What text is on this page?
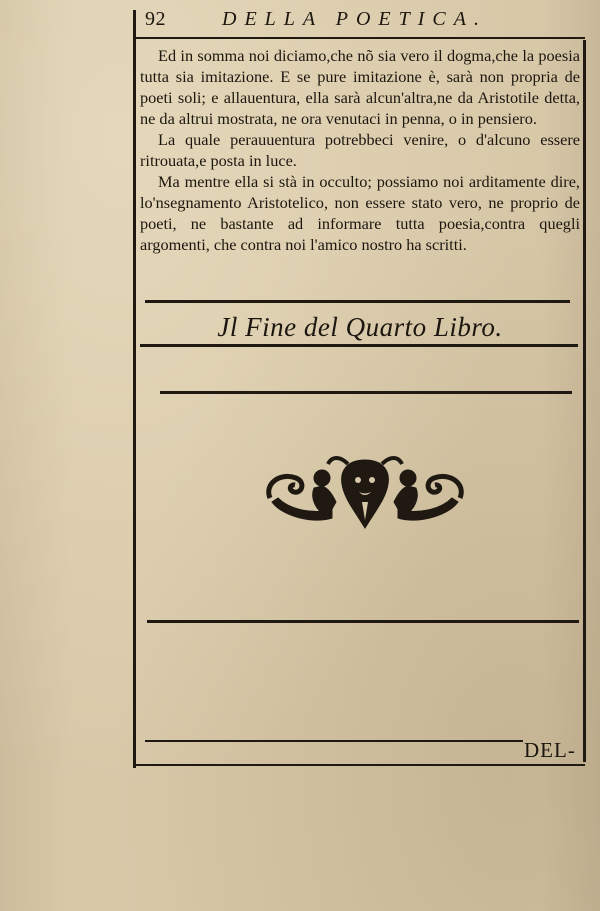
92	DELLA POETICA.

Ed in somma noi diciamo,che nõ sia vero il dogma,che la poesia tutta sia imitazione. E se pure imitazione è, sarà non propria de poeti soli; e allauentura, ella sarà alcun'altra,ne da Aristotile detta, ne da altrui mostrata, ne ora venutaci in penna, o in pensiero.

La quale perauuentura potrebbeci venire, o d'alcuno essere ritrouata,e posta in luce.

Ma mentre ella si stà in occulto; possiamo noi arditamente dire, lo'nsegnamento Aristotelico, non essere stato vero, ne proprio de poeti, ne bastante ad informare tutta poesia,contra quegli argomenti, che contra noi l'amico nostro ha scritti.

Jl Fine del Quarto Libro.
DEL-
